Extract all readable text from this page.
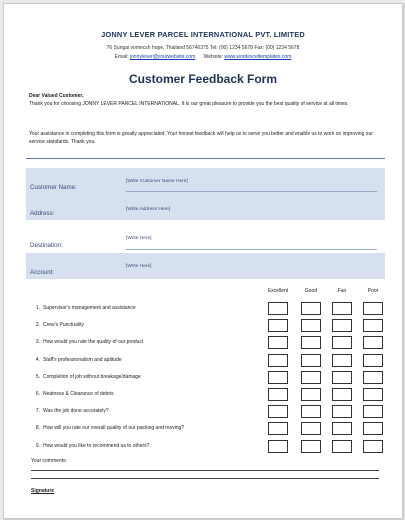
JONNY LEVER PARCEL INTERNATIONAL PVT. LIMITED
76 Sungai vomecsh hope, Thailand 56746375 Tel: (00) 1234 5678 Fax: (00) 1234 5678
Email: jonnylever@yourwebsite.com Website: www.wordexceltemplates.com
Customer Feedback Form
Dear Valued Customer,
Thank you for choosing JONNY LEVER PARCEL INTERNATIONAL. It is our great pleasure to provide you the best quality of service at all times.
Your assistance in completing this form is greatly appreciated. Your honest feedback will help us to serve you better and enable us to work on improving our service standards. Thank you.
Customer Name:
[Write Customer Name Here]
Address:
[Write Address Here]
Destination:
[Write Here]
Account:
[Write Here]
Excellent	Good	Fair	Poor
Your comments:
Signature
1. Supervisor's management and assistance
2. Crew's Punctuality
3. How would you rate the quality of our product
4. Staff's professionalism and aptitude
5. Completion of job without breakage/damage
6. Neatness & Clearance of debris
7. Was the job done accurately?
8. How will you rate our overall quality of our packing and moving?
9. How would you like to recommend us to others?
